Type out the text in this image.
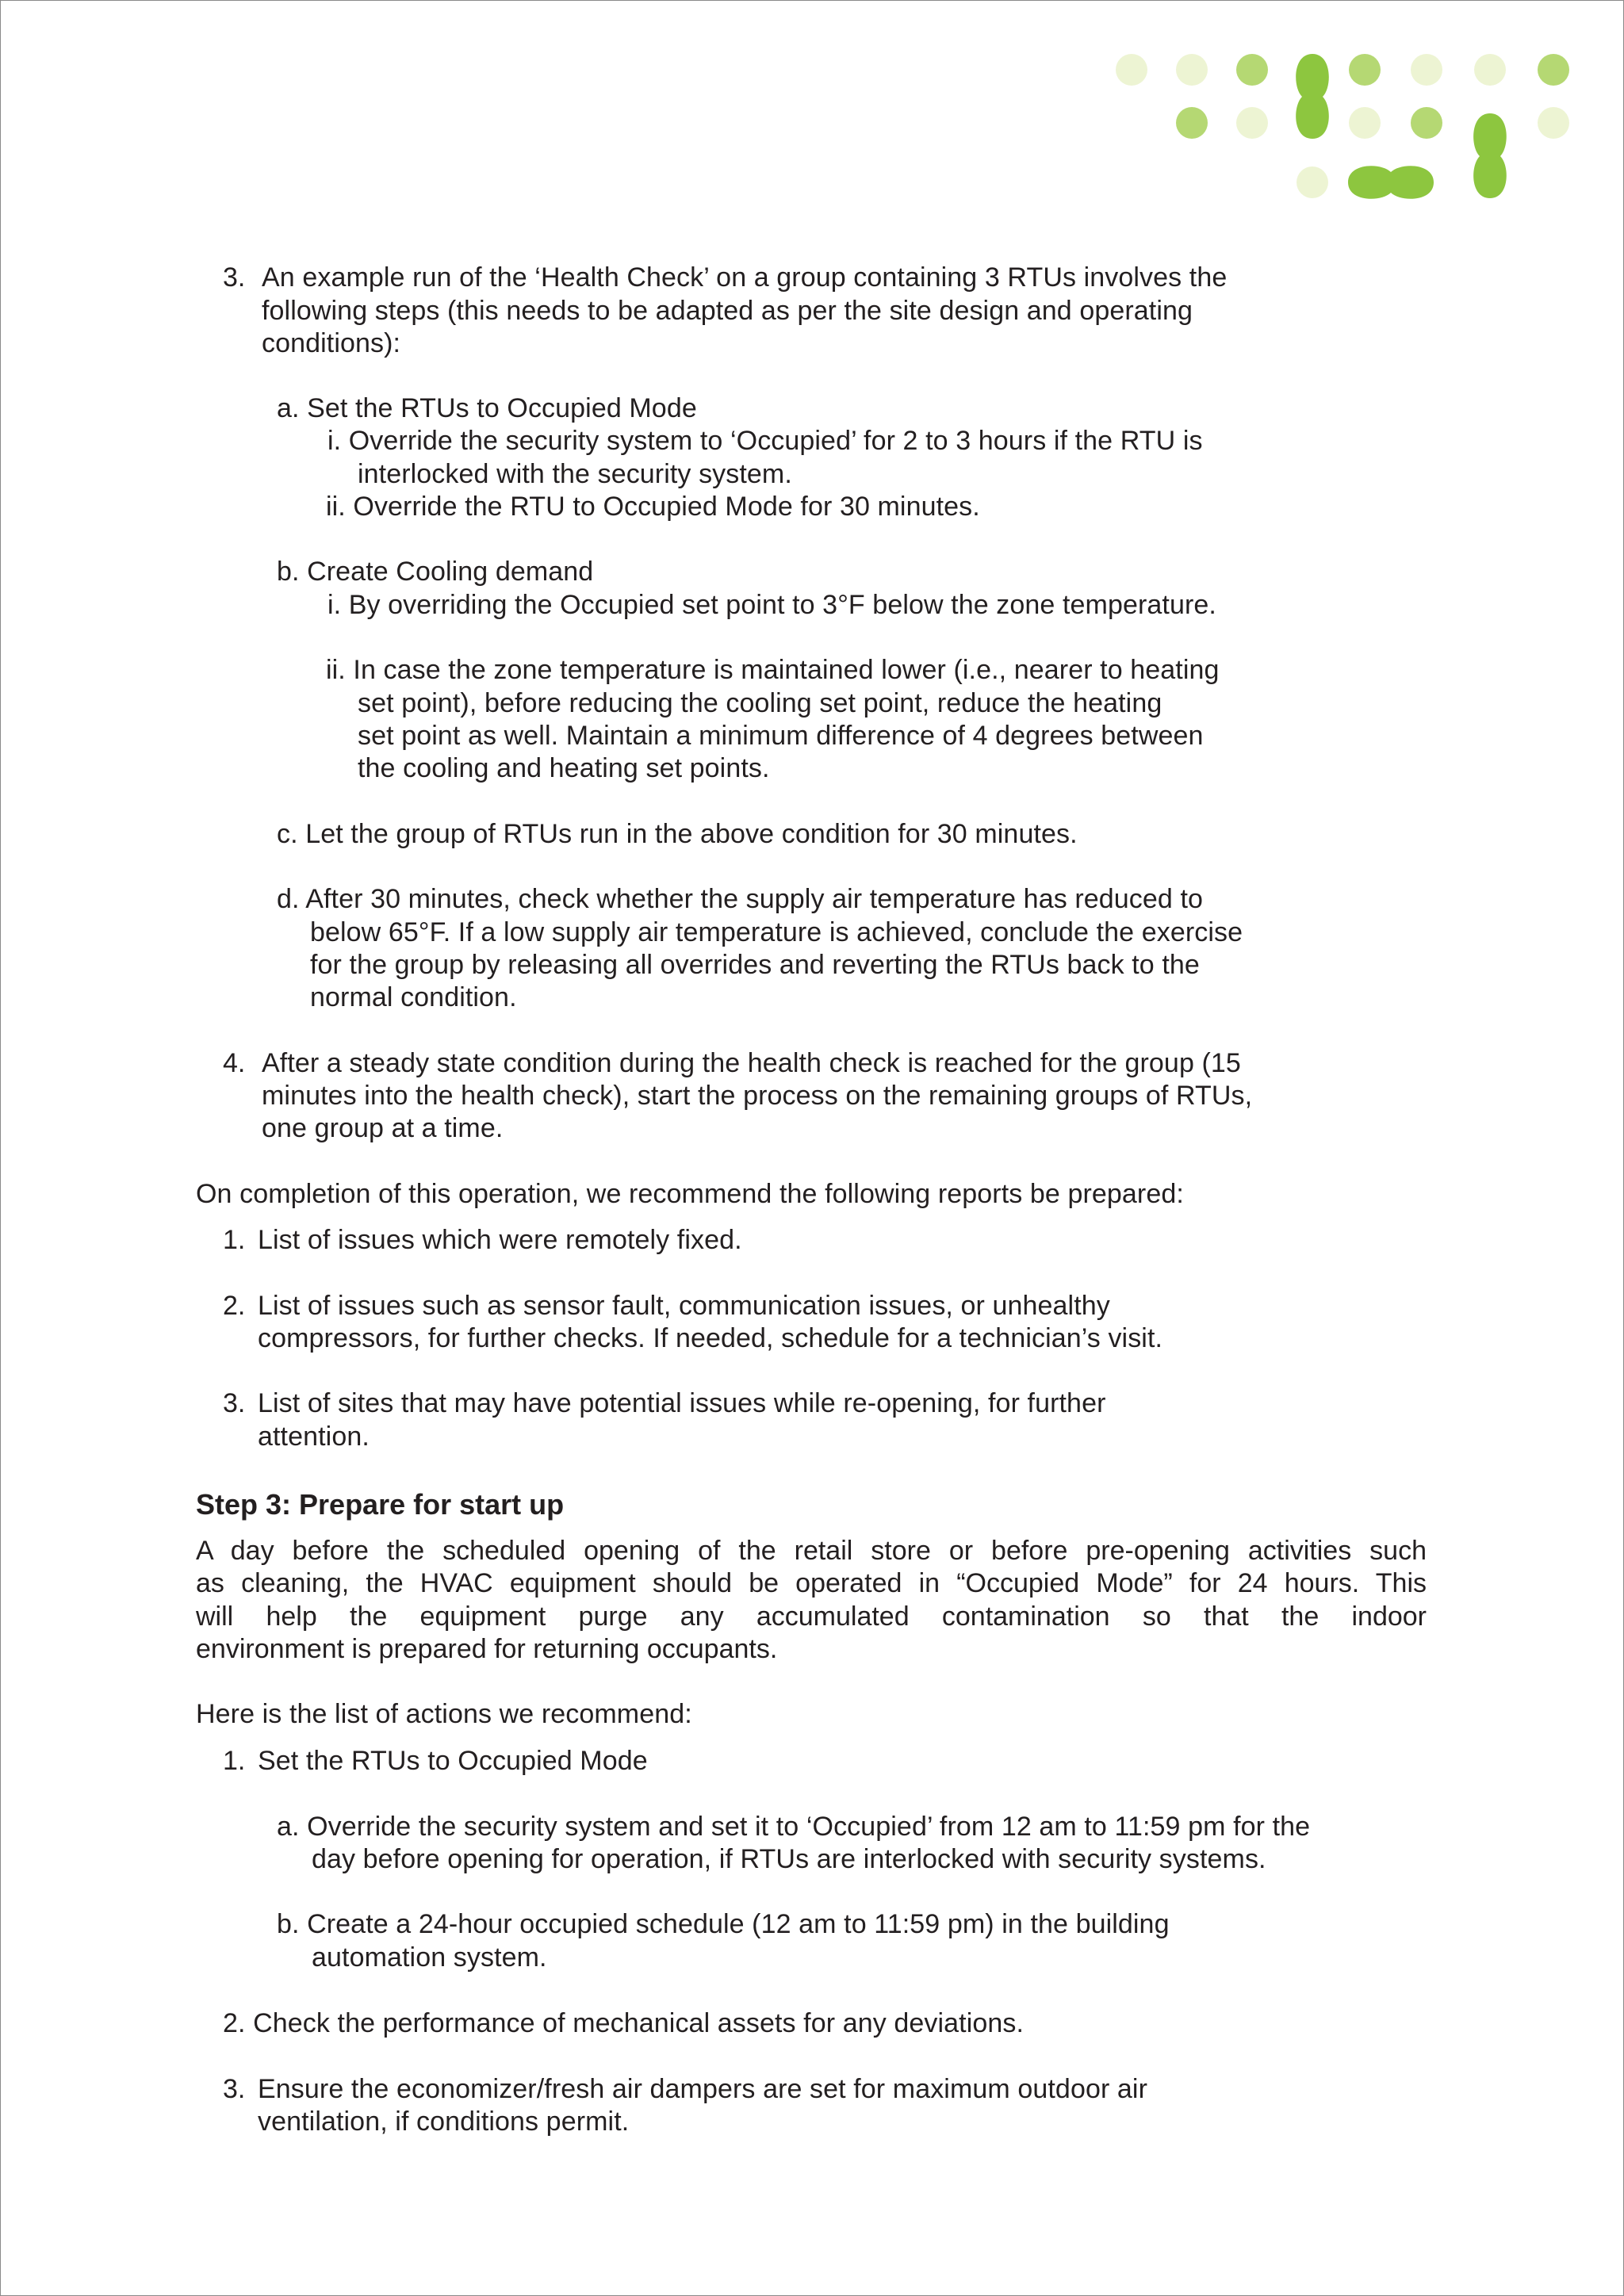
3. An example run of the ‘Health Check’ on a group containing 3 RTUs involves the
following steps (this needs to be adapted as per the site design and operating
conditions):
a. Set the RTUs to Occupied Mode
i. Override the security system to ‘Occupied’ for 2 to 3 hours if the RTU is
interlocked with the security system.
ii. Override the RTU to Occupied Mode for 30 minutes.
b. Create Cooling demand
i. By overriding the Occupied set point to 3°F below the zone temperature.
ii. In case the zone temperature is maintained lower (i.e., nearer to heating
set point), before reducing the cooling set point, reduce the heating
set point as well. Maintain a minimum difference of 4 degrees between
the cooling and heating set points.
c. Let the group of RTUs run in the above condition for 30 minutes.
d. After 30 minutes, check whether the supply air temperature has reduced to
below 65°F. If a low supply air temperature is achieved, conclude the exercise
for the group by releasing all overrides and reverting the RTUs back to the
normal condition.
4. After a steady state condition during the health check is reached for the group (15
minutes into the health check), start the process on the remaining groups of RTUs,
one group at a time.
On completion of this operation, we recommend the following reports be prepared:
1. List of issues which were remotely fixed.
2. List of issues such as sensor fault, communication issues, or unhealthy
compressors, for further checks. If needed, schedule for a technician’s visit.
3. List of sites that may have potential issues while re-opening, for further
attention.
Step 3: Prepare for start up
A day before the scheduled opening of the retail store or before pre-opening activities such
as cleaning, the HVAC equipment should be operated in “Occupied Mode” for 24 hours. This
will help the equipment purge any accumulated contamination so that the indoor
environment is prepared for returning occupants.
Here is the list of actions we recommend:
1. Set the RTUs to Occupied Mode
a. Override the security system and set it to ‘Occupied’ from 12 am to 11:59 pm for the
day before opening for operation, if RTUs are interlocked with security systems.
b. Create a 24-hour occupied schedule (12 am to 11:59 pm) in the building
automation system.
2. Check the performance of mechanical assets for any deviations.
3. Ensure the economizer/fresh air dampers are set for maximum outdoor air
ventilation, if conditions permit.
